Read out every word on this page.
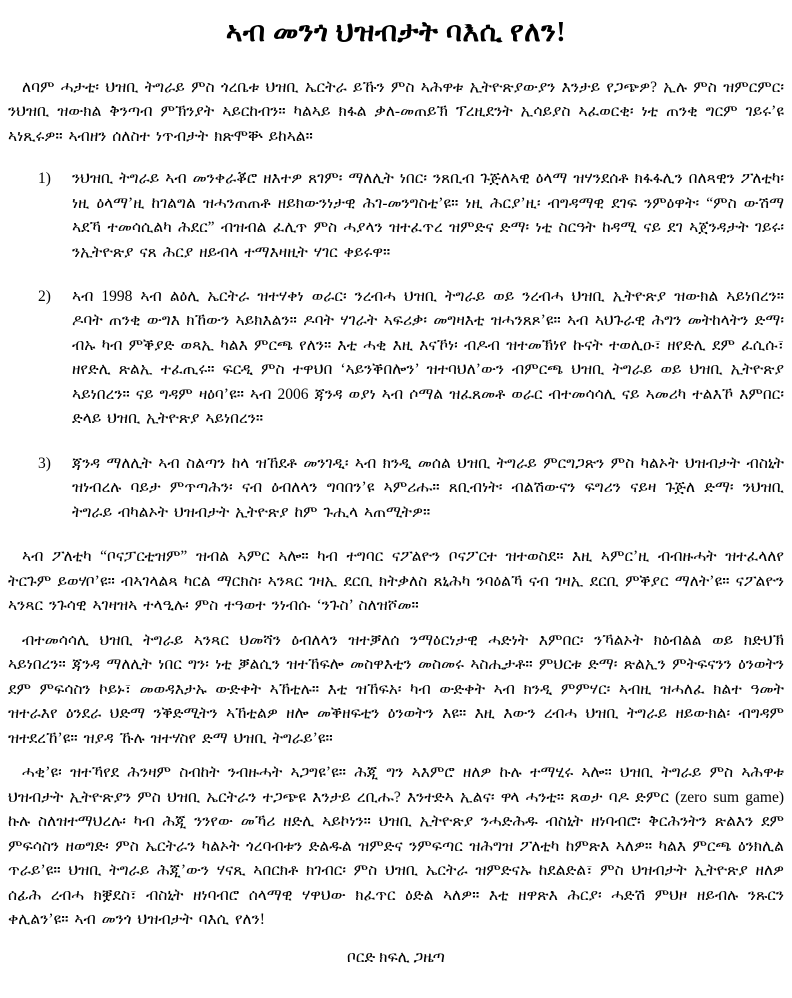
ኣብ መንጎ ህዝብታት ባእሲ የለን!

ለባም ሓታቲ፡ ህዝቢ ትግራይ ምስ ጎረቤቱ ህዝቢ ኤርትራ ይኹን ምስ ኣሕዋቱ ኢትዮጽያውያን እንታይ የጋጭዎ? ኢሉ ምስ ዝምርምር፡ ንህዝቢ ዝውክል ቅንጣብ ምኽንያት ኣይርከብን። ካልኣይ ክፋል ቃለ-መጠይኽ ፕረዚደንት ኢሳይያስ ኣፈወርቂ፡ ነቲ ጠንቂ ግርም ገይሩ’ዩ ኣነጺሩዎ። ኣብዘን ሰለስተ ነጥብታት ክጽሞቝ ይከኣል።

1)	ንህዝቢ ትግራይ ኣብ መንቀራቖሮ ዘእተዎ ጸገም፡ ማለሊት ነበር፡ ንጸቢብ ጉጅለኣዊ ዕላማ ዝሃንደሰቶ ክፋፋሊን በለጻዊን ፖለቲካ፡ ነዚ ዕላማ’ዚ ከገልግል ዝሓንጠጠቶ ዘይክውንነታዊ ሕገ-መንግስቲ’ዩ። ነዚ ሕርያ’ዚ፡ ብግዳማዊ ደገፍ ንምዕዋት፡ “ምስ ውሽማ ኣደኻ ተመሳሲልካ ሕደር” ብዝብል ፈሊጥ ምስ ሓያላን ዝተፈጥረ ዝምድና ድማ፡ ነቲ ስርዓት ከዳሚ ናይ ደገ ኣጀንዳታት ገይሩ፡ ንኢትዮጽያ ናጸ ሕርያ ዘይብላ ተማእዛዚት ሃገር ቀይሩዋ።
2)	ኣብ 1998 ኣብ ልዕሊ ኤርትራ ዝተሃቀነ ወራር፡ ንረብሓ ህዝቢ ትግራይ ወይ ንረብሓ ህዝቢ ኢትዮጽያ ዝውክል ኣይነበረን። ዶባት ጠንቂ ውግእ ክኸውን ኣይክእልን። ዶባት ሃገራት ኣፍሪቃ፡ መግዛእቲ ዝሓንጸጾ’ዩ። ኣብ ኣህጉራዊ ሕግን መትከላትን ድማ፡ ብኡ ካብ ምቕያድ ወጻኢ ካልእ ምርጫ የለን። እቲ ሓቂ እዚ እናኾነ፡ ብዶብ ዝተመኽነየ ኩናት ተወሊዑ፣ ዘየድሊ ደም ፈሲሱ፣ ዘየድሊ ጽልኢ ተፈጢሩ። ፍርዲ ምስ ተዋህበ ‘ኣይንቕበሎን’ ዝተባህለ’ውን ብምርጫ ህዝቢ ትግራይ ወይ ህዝቢ ኢትዮጽያ ኣይነበረን። ናይ ግዳም ዛዕባ’ዩ። ኣብ 2006 ጃንዳ ወያነ ኣብ ሶማል ዝፈጸመቶ ወራር ብተመሳሳሊ ናይ ኣመሪካ ተልእኾ እምበር፡ ድላይ ህዝቢ ኢትዮጽያ ኣይነበረን።
3)	ጃንዳ ማለሊት ኣብ ስልጣን ከላ ዝኸደቶ መንገዲ፡ ኣብ ክንዲ መሰል ህዝቢ ትግራይ ምርግጋጽን ምስ ካልኦት ህዝብታት ብስኒት ዝነብረሉ ባይታ ምጥጣሕን፡ ናብ ዕብለላን ግባበን’ዩ ኣምሪሑ። ጸቢብነት፡ ብልሽውናን ፍግሪን ናይዛ ጉጅለ ድማ፡ ንህዝቢ ትግራይ ብካልኦት ህዝብታት ኢትዮጽያ ከም ጉሒላ ኣጠሚትዎ።

ኣብ ፖለቲካ “ቦናፓርቲዝም” ዝብል ኣምር ኣሎ። ካብ ተግባር ናፖልዮን ቦናፖርተ ዝተወስደ። እዚ ኣምር’ዚ ብብዙሓት ዝተፈላለየ ትርጉም ይወሃቦ’ዩ። ብኣገላልጻ ካርል ማርክስ፡ ኣንጻር ገዛኢ ደርቢ ክትቃለስ ጸኒሕካ ንባዕልኻ ናብ ገዛኢ ደርቢ ምቕያር ማለት’ዩ። ናፖልዮን ኣንጻር ንጉሳዊ ኣገዛዝኣ ተላዒሉ፡ ምስ ተዓወተ ንነብሱ ‘ንጉስ’ ስለዝሾመ።

ብተመሳሳሊ ህዝቢ ትግራይ ኣንጻር ህመሻን ዕብለላን ዝተቓለሰ ንማዕርነታዊ ሓድነት እምበር፡ ንኻልኦት ክዕብልል ወይ ክድህኽ ኣይነበረን። ጃንዳ ማለሊት ነበር ግን፡ ነቲ ቓልሲን ዝተኸፍሎ መስዋእቲን መስመሩ ኣስሒታቶ። ምህርቱ ድማ፡ ጽልኢን ምትፍናንን ዕንወትን ደም ምፍሳስን ኮይኑ፣ መወዳእታኡ ውድቀት ኣኸቲሉ። እቲ ዝኸፍአ፡ ካብ ውድቀት ኣብ ክንዲ ምምሃር፡ ኣብዚ ዝሓለፈ ክልተ ዓመት ዝተራእየ ዕንደራ ህድማ ንቕድሚትን ኣኸቲልዎ ዘሎ መቕዘፍቲን ዕንወትን እዩ። እዚ እውን ረብሓ ህዝቢ ትግራይ ዘይውክል፡ ብግዳም ዝተደረኸ’ዩ። ዝያዳ ኹሉ ዝተሃስየ ድማ ህዝቢ ትግራይ’ዩ።

ሓቂ’ዩ፡ ዝተኻየደ ሕንዛም ስብከት ንብዙሓት ኣጋግዩ’ዩ። ሕጂ ግን ኣእምሮ ዘለዎ ኩሉ ተማሂሩ ኣሎ። ህዝቢ ትግራይ ምስ ኣሕዋቱ ህዝብታት ኢትዮጽያን ምስ ህዝቢ ኤርትራን ተጋጭዩ እንታይ ረቢሑ? እንተድኣ ኢልና፡ ዋላ ሓንቲ። ጸወታ ባዶ ድምር (zero sum game) ኩሉ ስለዝተማህረሉ፡ ካብ ሕጂ ንንየው መኻሪ ዘድሊ ኣይኮነን። ህዝቢ ኢትዮጽያ ንሓድሕዱ ብስኒት ዘነባብሮ፡ ቅርሕንትን ጽልእን ደም ምፍሳስን ዘወግድ፡ ምስ ኤርትራን ካልኦት ጎረባብቱን ድልዱል ዝምድና ንምፍጣር ዝሕግዝ ፖለቲካ ከምጽእ ኣለዎ። ካልእ ምርጫ ዕንክሊል ጥራይ’ዩ። ህዝቢ ትግራይ ሕጂ’ውን ሃናጺ ኣበርክቶ ክገብር፡ ምስ ህዝቢ ኤርትራ ዝምድናኡ ከደልድል፣ ምስ ህዝብታት ኢትዮጽያ ዘለዎ ሰፊሕ ረብሓ ክቛደስ፣ ብስኒት ዘነባብሮ ሰላማዊ ሃዋህው ክፈጥር ዕድል ኣለዎ። እቲ ዘዋጽእ ሕርያ፡ ሓድሽ ምህዞ ዘይብሉ ንጹርን ቀሊልን’ዩ። ኣብ መንጎ ህዝብታት ባእሲ የለን!

ቦርድ ክፍሊ ጋዜጣ
